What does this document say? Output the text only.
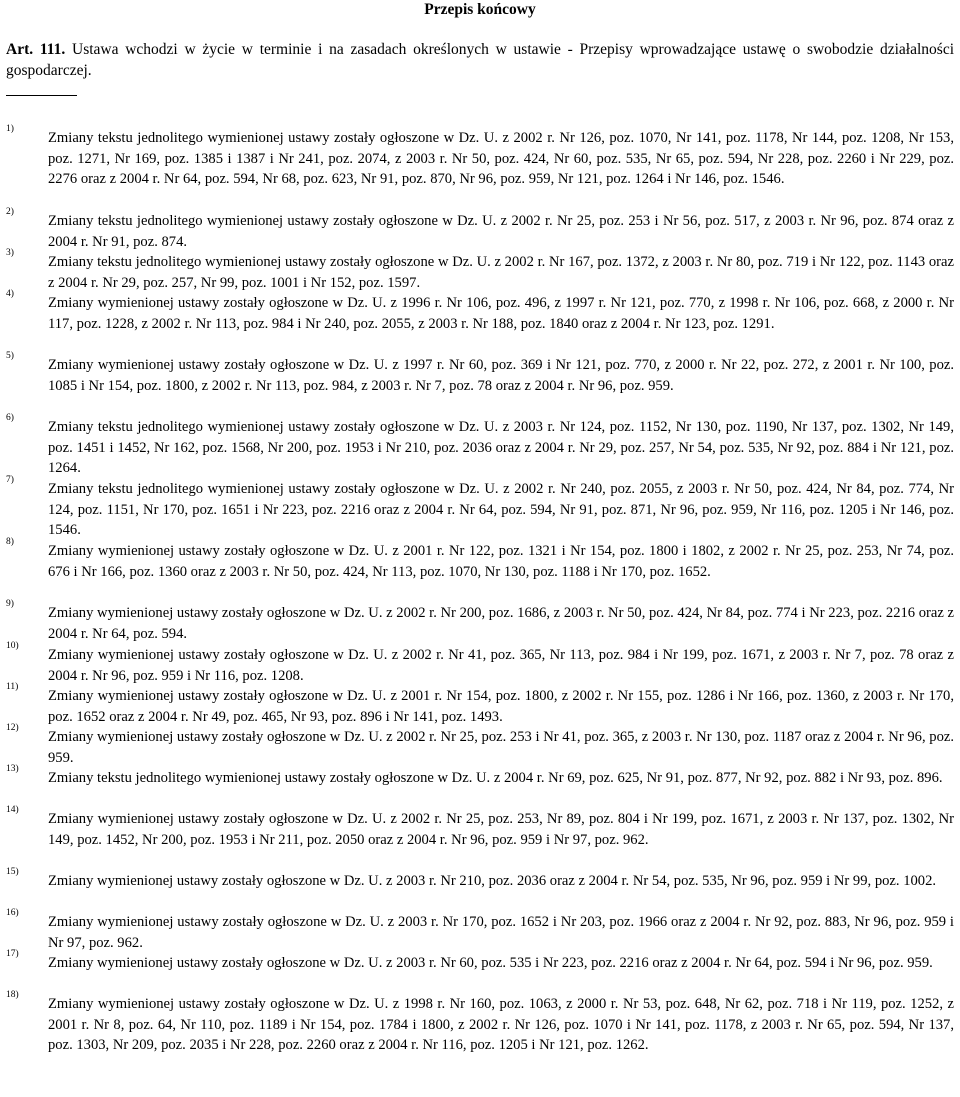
Przepis końcowy
Art. 111. Ustawa wchodzi w życie w terminie i na zasadach określonych w ustawie - Przepisy wprowadzające ustawę o swobodzie działalności gospodarczej.
1)
Zmiany tekstu jednolitego wymienionej ustawy zostały ogłoszone w Dz. U. z 2002 r. Nr 126, poz. 1070, Nr 141, poz. 1178, Nr 144, poz. 1208, Nr 153, poz. 1271, Nr 169, poz. 1385 i 1387 i Nr 241, poz. 2074, z 2003 r. Nr 50, poz. 424, Nr 60, poz. 535, Nr 65, poz. 594, Nr 228, poz. 2260 i Nr 229, poz. 2276 oraz z 2004 r. Nr 64, poz. 594, Nr 68, poz. 623, Nr 91, poz. 870, Nr 96, poz. 959, Nr 121, poz. 1264 i Nr 146, poz. 1546.
2)
Zmiany tekstu jednolitego wymienionej ustawy zostały ogłoszone w Dz. U. z 2002 r. Nr 25, poz. 253 i Nr 56, poz. 517, z 2003 r. Nr 96, poz. 874 oraz z 2004 r. Nr 91, poz. 874.
3)
Zmiany tekstu jednolitego wymienionej ustawy zostały ogłoszone w Dz. U. z 2002 r. Nr 167, poz. 1372, z 2003 r. Nr 80, poz. 719 i Nr 122, poz. 1143 oraz z 2004 r. Nr 29, poz. 257, Nr 99, poz. 1001 i Nr 152, poz. 1597.
4)
Zmiany wymienionej ustawy zostały ogłoszone w Dz. U. z 1996 r. Nr 106, poz. 496, z 1997 r. Nr 121, poz. 770, z 1998 r. Nr 106, poz. 668, z 2000 r. Nr 117, poz. 1228, z 2002 r. Nr 113, poz. 984 i Nr 240, poz. 2055, z 2003 r. Nr 188, poz. 1840 oraz z 2004 r. Nr 123, poz. 1291.
5)
Zmiany wymienionej ustawy zostały ogłoszone w Dz. U. z 1997 r. Nr 60, poz. 369 i Nr 121, poz. 770, z 2000 r. Nr 22, poz. 272, z 2001 r. Nr 100, poz. 1085 i Nr 154, poz. 1800, z 2002 r. Nr 113, poz. 984, z 2003 r. Nr 7, poz. 78 oraz z 2004 r. Nr 96, poz. 959.
6)
Zmiany tekstu jednolitego wymienionej ustawy zostały ogłoszone w Dz. U. z 2003 r. Nr 124, poz. 1152, Nr 130, poz. 1190, Nr 137, poz. 1302, Nr 149, poz. 1451 i 1452, Nr 162, poz. 1568, Nr 200, poz. 1953 i Nr 210, poz. 2036 oraz z 2004 r. Nr 29, poz. 257, Nr 54, poz. 535, Nr 92, poz. 884 i Nr 121, poz. 1264.
7)
Zmiany tekstu jednolitego wymienionej ustawy zostały ogłoszone w Dz. U. z 2002 r. Nr 240, poz. 2055, z 2003 r. Nr 50, poz. 424, Nr 84, poz. 774, Nr 124, poz. 1151, Nr 170, poz. 1651 i Nr 223, poz. 2216 oraz z 2004 r. Nr 64, poz. 594, Nr 91, poz. 871, Nr 96, poz. 959, Nr 116, poz. 1205 i Nr 146, poz. 1546.
8)
Zmiany wymienionej ustawy zostały ogłoszone w Dz. U. z 2001 r. Nr 122, poz. 1321 i Nr 154, poz. 1800 i 1802, z 2002 r. Nr 25, poz. 253, Nr 74, poz. 676 i Nr 166, poz. 1360 oraz z 2003 r. Nr 50, poz. 424, Nr 113, poz. 1070, Nr 130, poz. 1188 i Nr 170, poz. 1652.
9)
Zmiany wymienionej ustawy zostały ogłoszone w Dz. U. z 2002 r. Nr 200, poz. 1686, z 2003 r. Nr 50, poz. 424, Nr 84, poz. 774 i Nr 223, poz. 2216 oraz z 2004 r. Nr 64, poz. 594.
10)
Zmiany wymienionej ustawy zostały ogłoszone w Dz. U. z 2002 r. Nr 41, poz. 365, Nr 113, poz. 984 i Nr 199, poz. 1671, z 2003 r. Nr 7, poz. 78 oraz z 2004 r. Nr 96, poz. 959 i Nr 116, poz. 1208.
11)
Zmiany wymienionej ustawy zostały ogłoszone w Dz. U. z 2001 r. Nr 154, poz. 1800, z 2002 r. Nr 155, poz. 1286 i Nr 166, poz. 1360, z 2003 r. Nr 170, poz. 1652 oraz z 2004 r. Nr 49, poz. 465, Nr 93, poz. 896 i Nr 141, poz. 1493.
12)
Zmiany wymienionej ustawy zostały ogłoszone w Dz. U. z 2002 r. Nr 25, poz. 253 i Nr 41, poz. 365, z 2003 r. Nr 130, poz. 1187 oraz z 2004 r. Nr 96, poz. 959.
13)
Zmiany tekstu jednolitego wymienionej ustawy zostały ogłoszone w Dz. U. z 2004 r. Nr 69, poz. 625, Nr 91, poz. 877, Nr 92, poz. 882 i Nr 93, poz. 896.
14)
Zmiany wymienionej ustawy zostały ogłoszone w Dz. U. z 2002 r. Nr 25, poz. 253, Nr 89, poz. 804 i Nr 199, poz. 1671, z 2003 r. Nr 137, poz. 1302, Nr 149, poz. 1452, Nr 200, poz. 1953 i Nr 211, poz. 2050 oraz z 2004 r. Nr 96, poz. 959 i Nr 97, poz. 962.
15)
Zmiany wymienionej ustawy zostały ogłoszone w Dz. U. z 2003 r. Nr 210, poz. 2036 oraz z 2004 r. Nr 54, poz. 535, Nr 96, poz. 959 i Nr 99, poz. 1002.
16)
Zmiany wymienionej ustawy zostały ogłoszone w Dz. U. z 2003 r. Nr 170, poz. 1652 i Nr 203, poz. 1966 oraz z 2004 r. Nr 92, poz. 883, Nr 96, poz. 959 i Nr 97, poz. 962.
17)
Zmiany wymienionej ustawy zostały ogłoszone w Dz. U. z 2003 r. Nr 60, poz. 535 i Nr 223, poz. 2216 oraz z 2004 r. Nr 64, poz. 594 i Nr 96, poz. 959.
18)
Zmiany wymienionej ustawy zostały ogłoszone w Dz. U. z 1998 r. Nr 160, poz. 1063, z 2000 r. Nr 53, poz. 648, Nr 62, poz. 718 i Nr 119, poz. 1252, z 2001 r. Nr 8, poz. 64, Nr 110, poz. 1189 i Nr 154, poz. 1784 i 1800, z 2002 r. Nr 126, poz. 1070 i Nr 141, poz. 1178, z 2003 r. Nr 65, poz. 594, Nr 137, poz. 1303, Nr 209, poz. 2035 i Nr 228, poz. 2260 oraz z 2004 r. Nr 116, poz. 1205 i Nr 121, poz. 1262.
